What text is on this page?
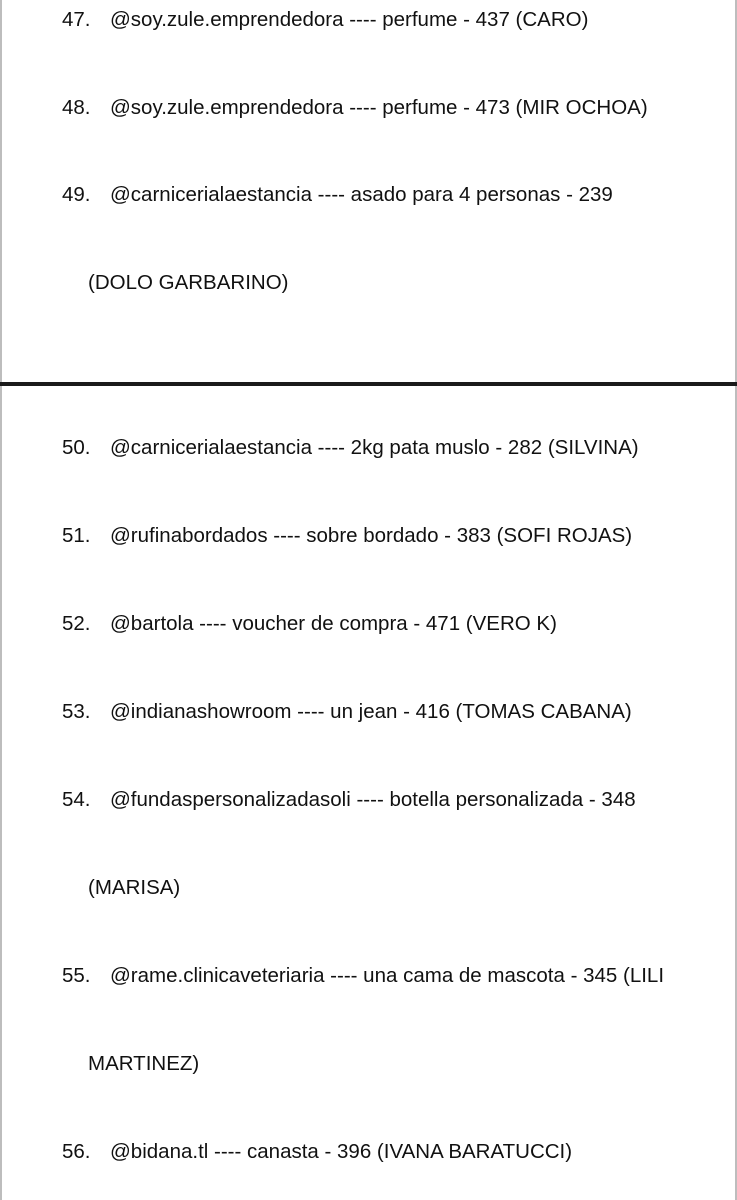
47. @soy.zule.emprendedora ---- perfume - 437 (CARO)
48. @soy.zule.emprendedora ---- perfume - 473 (MIR OCHOA)
49. @carnicerialaestancia ---- asado para 4 personas - 239
(DOLO GARBARINO)
50. @carnicerialaestancia ---- 2kg pata muslo - 282 (SILVINA)
51. @rufinabordados ---- sobre bordado - 383 (SOFI ROJAS)
52. @bartola ---- voucher de compra - 471 (VERO K)
53. @indianashowroom ---- un jean - 416 (TOMAS CABANA)
54. @fundaspersonalizadasoli ---- botella personalizada - 348
(MARISA)
55. @rame.clinicaveteriaria ---- una cama de mascota - 345 (LILI
MARTINEZ)
56. @bidana.tl ---- canasta - 396 (IVANA BARATUCCI)
